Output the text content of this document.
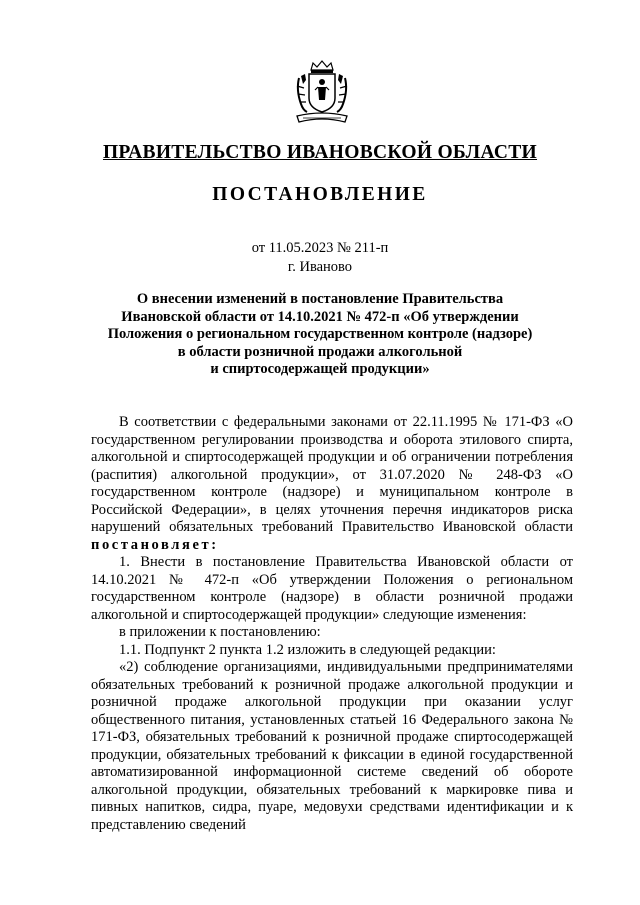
ПРАВИТЕЛЬСТВО ИВАНОВСКОЙ ОБЛАСТИ
ПОСТАНОВЛЕНИЕ
от 11.05.2023 № 211-п
г. Иваново
О внесении изменений в постановление Правительства
Ивановской области от 14.10.2021 № 472-п «Об утверждении
Положения о региональном государственном контроле (надзоре)
в области розничной продажи алкогольной
и спиртосодержащей продукции»

В соответствии с федеральными законами от 22.11.1995 № 171-ФЗ «О государственном регулировании производства и оборота этилового спирта, алкогольной и спиртосодержащей продукции и об ограничении потребления (распития) алкогольной продукции», от 31.07.2020 № 248-ФЗ «О государственном контроле (надзоре) и муниципальном контроле в Российской Федерации», в целях уточнения перечня индикаторов риска нарушений обязательных требований Правительство Ивановской области постановляет:

1. Внести в постановление Правительства Ивановской области от 14.10.2021 № 472-п «Об утверждении Положения о региональном государственном контроле (надзоре) в области розничной продажи алкогольной и спиртосодержащей продукции» следующие изменения:

в приложении к постановлению:

1.1. Подпункт 2 пункта 1.2 изложить в следующей редакции:

«2) соблюдение организациями, индивидуальными предпринимателями обязательных требований к розничной продаже алкогольной продукции и розничной продаже алкогольной продукции при оказании услуг общественного питания, установленных статьей 16 Федерального закона № 171-ФЗ, обязательных требований к розничной продаже спиртосодержащей продукции, обязательных требований к фиксации в единой государственной автоматизированной информационной системе сведений об обороте алкогольной продукции, обязательных требований к маркировке пива и пивных напитков, сидра, пуаре, медовухи средствами идентификации и к представлению сведений
